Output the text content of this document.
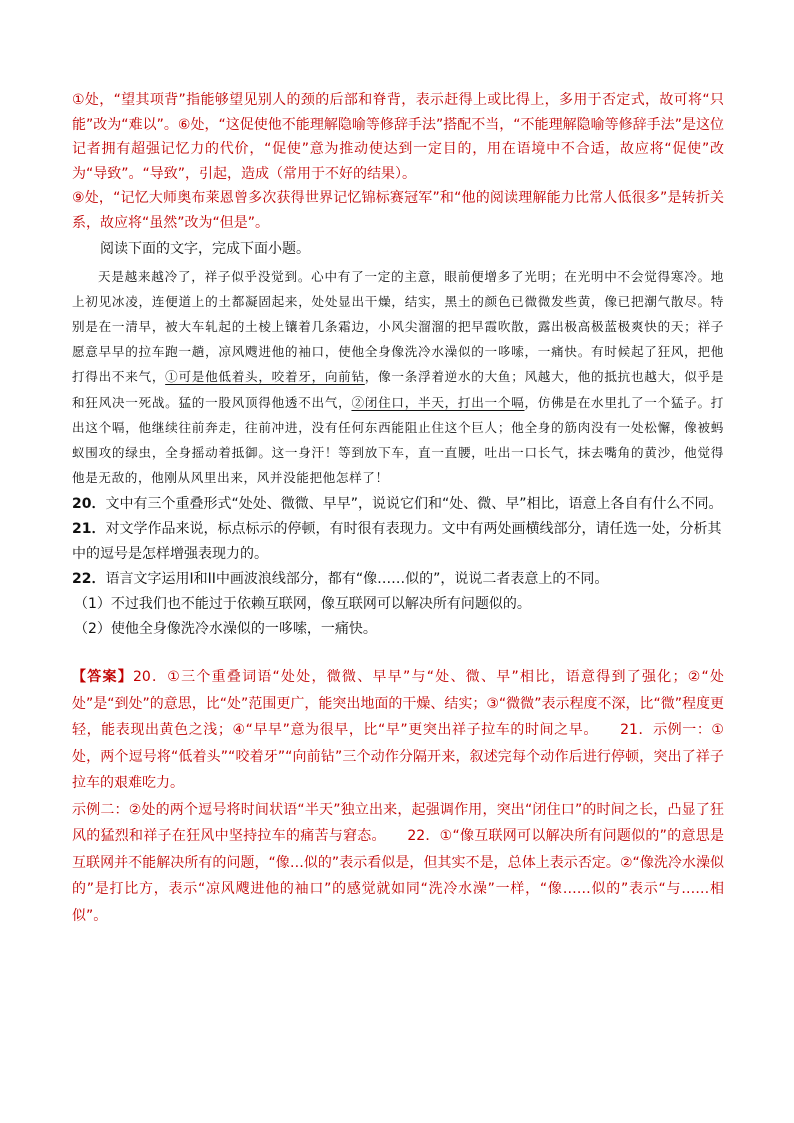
①处，“望其项背”指能够望见别人的颈的后部和脊背，表示赶得上或比得上，多用于否定式，故可将“只能”改为“难以”。⑥处，“这促使他不能理解隐喻等修辞手法”搭配不当，“不能理解隐喻等修辞手法”是这位记者拥有超强记忆力的代价，“促使”意为推动使达到一定目的，用在语境中不合适，故应将“促使”改为“导致”。“导致”，引起，造成（常用于不好的结果）。

⑨处，“记忆大师奥布莱恩曾多次获得世界记忆锦标赛冠军”和“他的阅读理解能力比常人低很多”是转折关系，故应将“虽然”改为“但是”。

阅读下面的文字，完成下面小题。

天是越来越冷了，祥子似乎没觉到。心中有了一定的主意，眼前便增多了光明；在光明中不会觉得寒冷。地上初见冰凌，连便道上的土都凝固起来，处处显出干燥，结实，黑土的颜色已微微发些黄，像已把潮气散尽。特别是在一清早，被大车轧起的土棱上镶着几条霜边，小风尖溜溜的把早霞吹散，露出极高极蓝极爽快的天；祥子愿意早早的拉车跑一趟，凉风飕进他的袖口，使他全身像洗冷水澡似的一哆嗦，一痛快。有时候起了狂风，把他打得出不来气，①可是他低着头，咬着牙，向前钻，像一条浮着逆水的大鱼；风越大，他的抵抗也越大，似乎是和狂风决一死战。猛的一股风顶得他透不出气，②闭住口，半天，打出一个嗝，仿佛是在水里扎了一个猛子。打出这个嗝，他继续往前奔走，往前冲进，没有任何东西能阻止住这个巨人；他全身的筋肉没有一处松懈，像被蚂蚁围攻的绿虫，全身摇动着抵御。这一身汗！等到放下车，直一直腰，吐出一口长气，抹去嘴角的黄沙，他觉得他是无敌的，他刚从风里出来，风并没能把他怎样了！

20．文中有三个重叠形式“处处、微微、早早”，说说它们和“处、微、早”相比，语意上各自有什么不同。

21．对文学作品来说，标点标示的停顿，有时很有表现力。文中有两处画横线部分，请任选一处，分析其中的逗号是怎样增强表现力的。

22．语言文字运用I和II中画波浪线部分，都有“像……似的”，说说二者表意上的不同。

（1）不过我们也不能过于依赖互联网，像互联网可以解决所有问题似的。

（2）使他全身像洗冷水澡似的一哆嗦，一痛快。

【答案】20．①三个重叠词语“处处，微微、早早”与“处、微、早”相比，语意得到了强化；②“处处”是“到处”的意思，比“处”范围更广，能突出地面的干燥、结实；③“微微”表示程度不深，比“微”程度更轻，能表现出黄色之浅；④“早早”意为很早，比“早”更突出祥子拉车的时间之早。　　21．示例一：①处，两个逗号将“低着头”“咬着牙”“向前钻”三个动作分隔开来，叙述完每个动作后进行停顿，突出了祥子拉车的艰难吃力。

示例二：②处的两个逗号将时间状语“半天”独立出来，起强调作用，突出“闭住口”的时间之长，凸显了狂风的猛烈和祥子在狂风中坚持拉车的痛苦与窘态。　　22．①“像互联网可以解决所有问题似的”的意思是互联网并不能解决所有的问题，“像…似的”表示看似是，但其实不是，总体上表示否定。②“像洗冷水澡似的”是打比方，表示“凉风飕进他的袖口”的感觉就如同“洗冷水澡”一样，“像……似的”表示“与……相似”。
